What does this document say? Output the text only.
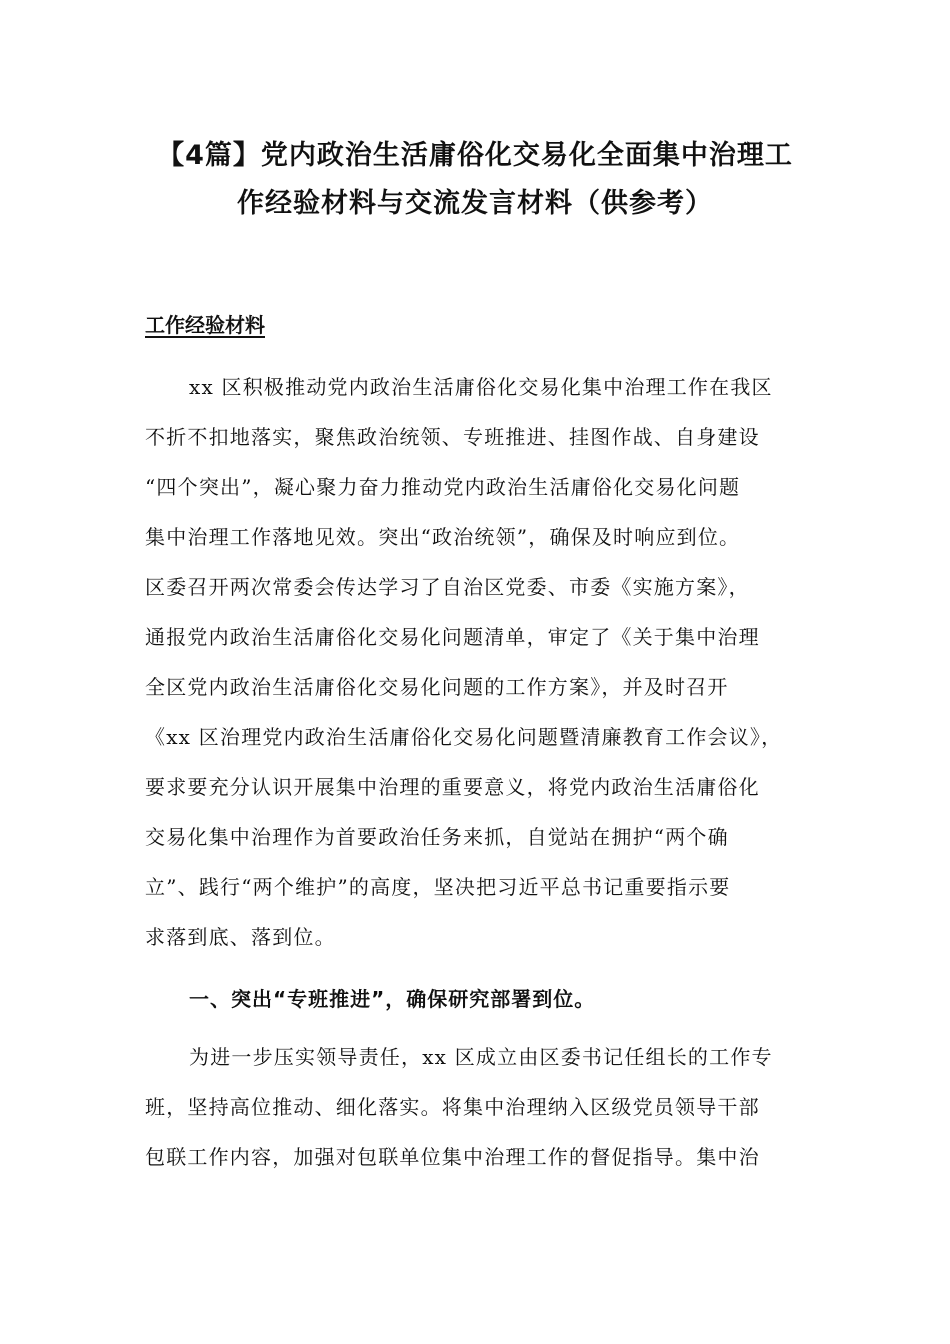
【4篇】党内政治生活庸俗化交易化全面集中治理工
作经验材料与交流发言材料（供参考）
工作经验材料

xx 区积极推动党内政治生活庸俗化交易化集中治理工作在我区
不折不扣地落实，聚焦政治统领、专班推进、挂图作战、自身建设
“四个突出”，凝心聚力奋力推动党内政治生活庸俗化交易化问题
集中治理工作落地见效。突出“政治统领”，确保及时响应到位。
区委召开两次常委会传达学习了自治区党委、市委《实施方案》，
通报党内政治生活庸俗化交易化问题清单，审定了《关于集中治理
全区党内政治生活庸俗化交易化问题的工作方案》，并及时召开
《xx 区治理党内政治生活庸俗化交易化问题暨清廉教育工作会议》，
要求要充分认识开展集中治理的重要意义，将党内政治生活庸俗化
交易化集中治理作为首要政治任务来抓，自觉站在拥护“两个确
立”、践行“两个维护”的高度，坚决把习近平总书记重要指示要
求落到底、落到位。

一、突出“专班推进”，确保研究部署到位。

为进一步压实领导责任，xx 区成立由区委书记任组长的工作专
班，坚持高位推动、细化落实。将集中治理纳入区级党员领导干部
包联工作内容，加强对包联单位集中治理工作的督促指导。集中治
